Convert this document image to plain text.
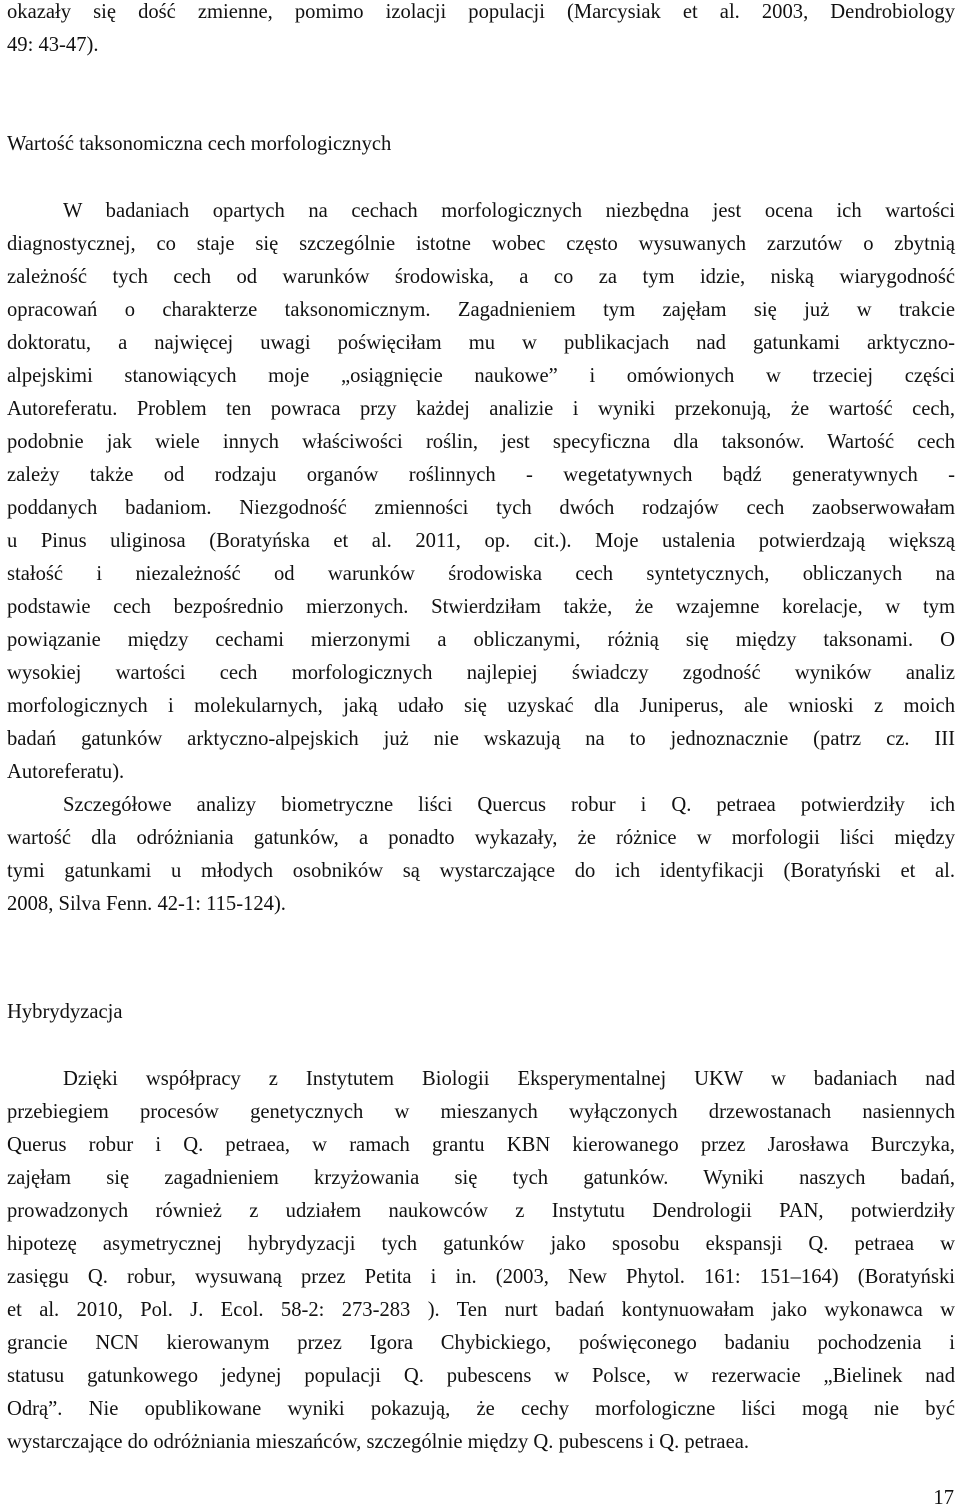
okazały się dość zmienne, pomimo izolacji populacji (Marcysiak et al. 2003, Dendrobiology
49: 43-47).
Wartość taksonomiczna cech morfologicznych
W badaniach opartych na cechach morfologicznych niezbędna jest ocena ich wartości
diagnostycznej, co staje się szczególnie istotne wobec często wysuwanych zarzutów o zbytnią
zależność tych cech od warunków środowiska, a co za tym idzie, niską wiarygodność
opracowań o charakterze taksonomicznym. Zagadnieniem tym zajęłam się już w trakcie
doktoratu, a najwięcej uwagi poświęciłam mu w publikacjach nad gatunkami arktyczno-
alpejskimi stanowiących moje „osiągnięcie naukowe” i omówionych w trzeciej części
Autoreferatu. Problem ten powraca przy każdej analizie i wyniki przekonują, że wartość cech,
podobnie jak wiele innych właściwości roślin, jest specyficzna dla taksonów. Wartość cech
zależy także od rodzaju organów roślinnych - wegetatywnych bądź generatywnych -
poddanych badaniom. Niezgodność zmienności tych dwóch rodzajów cech zaobserwowałam
u Pinus uliginosa (Boratyńska et al. 2011, op. cit.). Moje ustalenia potwierdzają większą
stałość i niezależność od warunków środowiska cech syntetycznych, obliczanych na
podstawie cech bezpośrednio mierzonych. Stwierdziłam także, że wzajemne korelacje, w tym
powiązanie między cechami mierzonymi a obliczanymi, różnią się między taksonami. O
wysokiej wartości cech morfologicznych najlepiej świadczy zgodność wyników analiz
morfologicznych i molekularnych, jaką udało się uzyskać dla Juniperus, ale wnioski z moich
badań gatunków arktyczno-alpejskich już nie wskazują na to jednoznacznie (patrz cz. III
Autoreferatu).
Szczegółowe analizy biometryczne liści Quercus robur i Q. petraea potwierdziły ich
wartość dla odróżniania gatunków, a ponadto wykazały, że różnice w morfologii liści między
tymi gatunkami u młodych osobników są wystarczające do ich identyfikacji (Boratyński et al.
2008, Silva Fenn. 42-1: 115-124).
Hybrydyzacja
Dzięki współpracy z Instytutem Biologii Eksperymentalnej UKW w badaniach nad
przebiegiem procesów genetycznych w mieszanych wyłączonych drzewostanach nasiennych
Querus robur i Q. petraea, w ramach grantu KBN kierowanego przez Jarosława Burczyka,
zajęłam się zagadnieniem krzyżowania się tych gatunków. Wyniki naszych badań,
prowadzonych również z udziałem naukowców z Instytutu Dendrologii PAN, potwierdziły
hipotezę asymetrycznej hybrydyzacji tych gatunków jako sposobu ekspansji Q. petraea w
zasięgu Q. robur, wysuwaną przez Petita i in. (2003, New Phytol. 161: 151–164) (Boratyński
et al. 2010, Pol. J. Ecol. 58-2: 273-283 ). Ten nurt badań kontynuowałam jako wykonawca w
grancie NCN kierowanym przez Igora Chybickiego, poświęconego badaniu pochodzenia i
statusu gatunkowego jedynej populacji Q. pubescens w Polsce, w rezerwacie „Bielinek nad
Odrą”. Nie opublikowane wyniki pokazują, że cechy morfologiczne liści mogą nie być
wystarczające do odróżniania mieszańców, szczególnie między Q. pubescens i Q. petraea.
17
